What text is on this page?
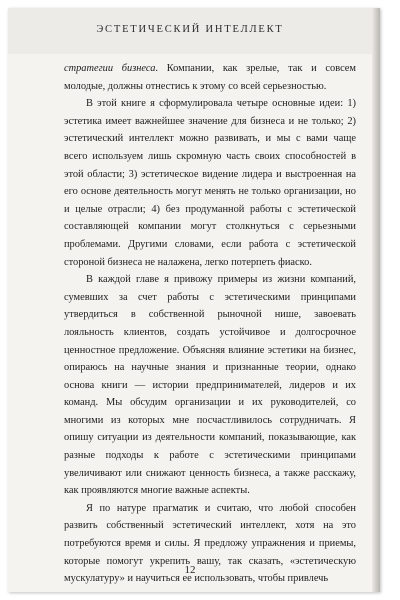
ЭСТЕТИЧЕСКИЙ ИНТЕЛЛЕКТ

стратегии бизнеса. Компании, как зрелые, так и совсем молодые, должны отнестись к этому со всей серьезностью.

В этой книге я сформулировала четыре основные идеи: 1) эстетика имеет важнейшее значение для бизнеса и не только; 2) эстетический интеллект можно развивать, и мы с вами чаще всего используем лишь скромную часть своих способностей в этой области; 3) эстетическое видение лидера и выстроенная на его основе деятельность могут менять не только организации, но и целые отрасли; 4) без продуманной работы с эстетической составляющей компании могут столкнуться с серьезными проблемами. Другими словами, если работа с эстетической стороной бизнеса не налажена, легко потерпеть фиаско.

В каждой главе я привожу примеры из жизни компаний, сумевших за счет работы с эстетическими принципами утвердиться в собственной рыночной нише, завоевать лояльность клиентов, создать устойчивое и долгосрочное ценностное предложение. Объясняя влияние эстетики на бизнес, опираюсь на научные знания и признанные теории, однако основа книги — истории предпринимателей, лидеров и их команд. Мы обсудим организации и их руководителей, со многими из которых мне посчастливилось сотрудничать. Я опишу ситуации из деятельности компаний, показывающие, как разные подходы к работе с эстетическими принципами увеличивают или снижают ценность бизнеса, а также расскажу, как проявляются многие важные аспекты.

Я по натуре прагматик и считаю, что любой способен развить собственный эстетический интеллект, хотя на это потребуются время и силы. Я предложу упражнения и приемы, которые помогут укрепить вашу, так сказать, «эстетическую мускулатуру» и научиться ее использовать, чтобы привлечь

12
